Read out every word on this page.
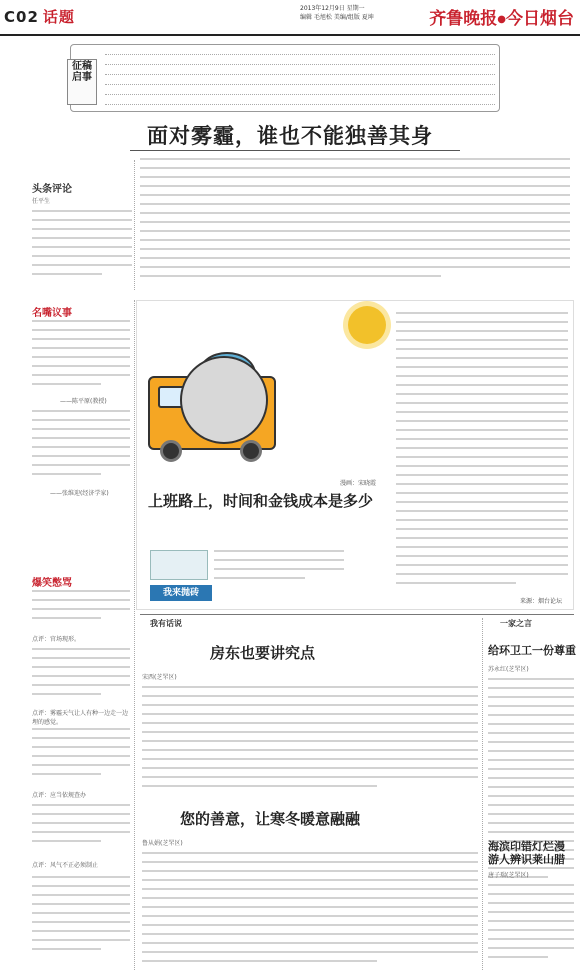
C02 话题	2013年12月9日 星期一
编辑 毛旭松 美编/组版 夏坤	齐鲁晚报●今日烟台
征稿启事
面对雾霾，谁也不能独善其身
头条评论
任平生
名嘴议事
——陈平原(教授)
——张维迎(经济学家)
爆笑憋骂
点评：官场现形。
点评：雾霾天气让人有种一边走一边埋的感觉。
点评：应当依规查办
点评：风气不正必须制止
漫画：宋晓霞
上班路上，时间和金钱成本是多少
我来抛砖
来源：烟台论坛
我有话说	一家之言
房东也要讲究点
宋西(芝罘区)
您的善意，让寒冬暖意融融
鲁从娟(芝罘区)
给环卫工一份尊重
苏永红(芝罘区)
海滨印错灯烂漫 游人辨识莱山腊
唐子瑞(芝罘区)
